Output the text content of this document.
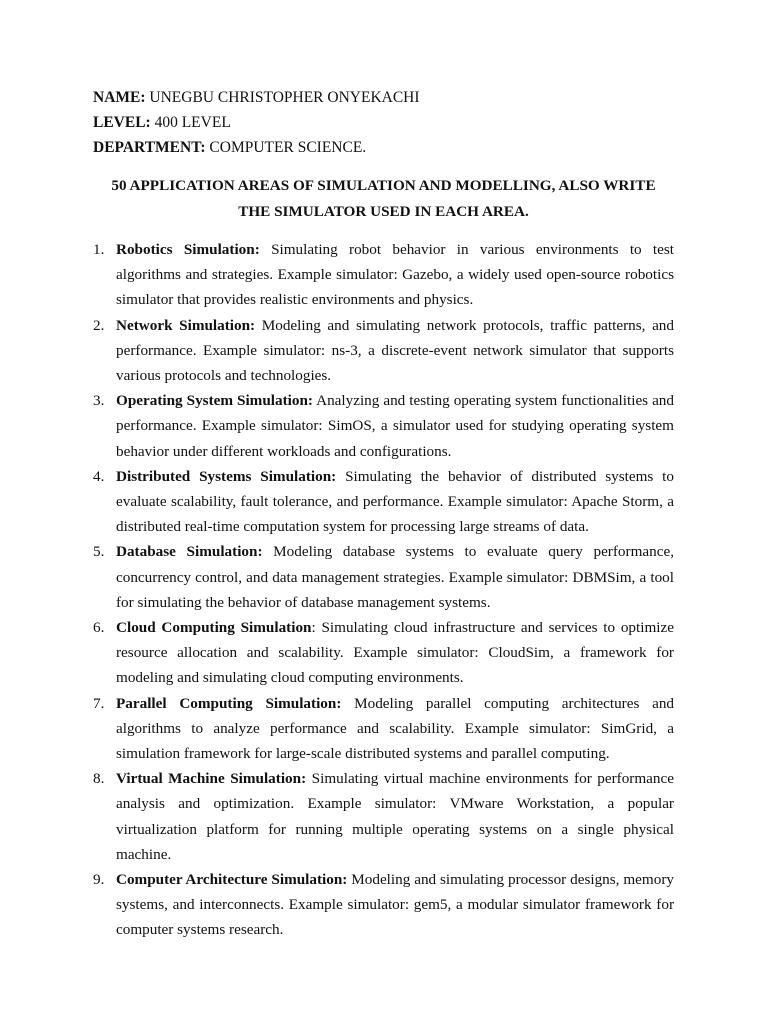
NAME: UNEGBU CHRISTOPHER ONYEKACHI

LEVEL: 400 LEVEL

DEPARTMENT: COMPUTER SCIENCE.

50 APPLICATION AREAS OF SIMULATION AND MODELLING, ALSO WRITE
THE SIMULATOR USED IN EACH AREA.
1. Robotics Simulation: Simulating robot behavior in various environments to test algorithms and strategies. Example simulator: Gazebo, a widely used open-source robotics simulator that provides realistic environments and physics.
2. Network Simulation: Modeling and simulating network protocols, traffic patterns, and performance. Example simulator: ns-3, a discrete-event network simulator that supports various protocols and technologies.
3. Operating System Simulation: Analyzing and testing operating system functionalities and performance. Example simulator: SimOS, a simulator used for studying operating system behavior under different workloads and configurations.
4. Distributed Systems Simulation: Simulating the behavior of distributed systems to evaluate scalability, fault tolerance, and performance. Example simulator: Apache Storm, a distributed real-time computation system for processing large streams of data.
5. Database Simulation: Modeling database systems to evaluate query performance, concurrency control, and data management strategies. Example simulator: DBMSim, a tool for simulating the behavior of database management systems.
6. Cloud Computing Simulation: Simulating cloud infrastructure and services to optimize resource allocation and scalability. Example simulator: CloudSim, a framework for modeling and simulating cloud computing environments.
7. Parallel Computing Simulation: Modeling parallel computing architectures and algorithms to analyze performance and scalability. Example simulator: SimGrid, a simulation framework for large-scale distributed systems and parallel computing.
8. Virtual Machine Simulation: Simulating virtual machine environments for performance analysis and optimization. Example simulator: VMware Workstation, a popular virtualization platform for running multiple operating systems on a single physical machine.
9. Computer Architecture Simulation: Modeling and simulating processor designs, memory systems, and interconnects. Example simulator: gem5, a modular simulator framework for computer systems research.
